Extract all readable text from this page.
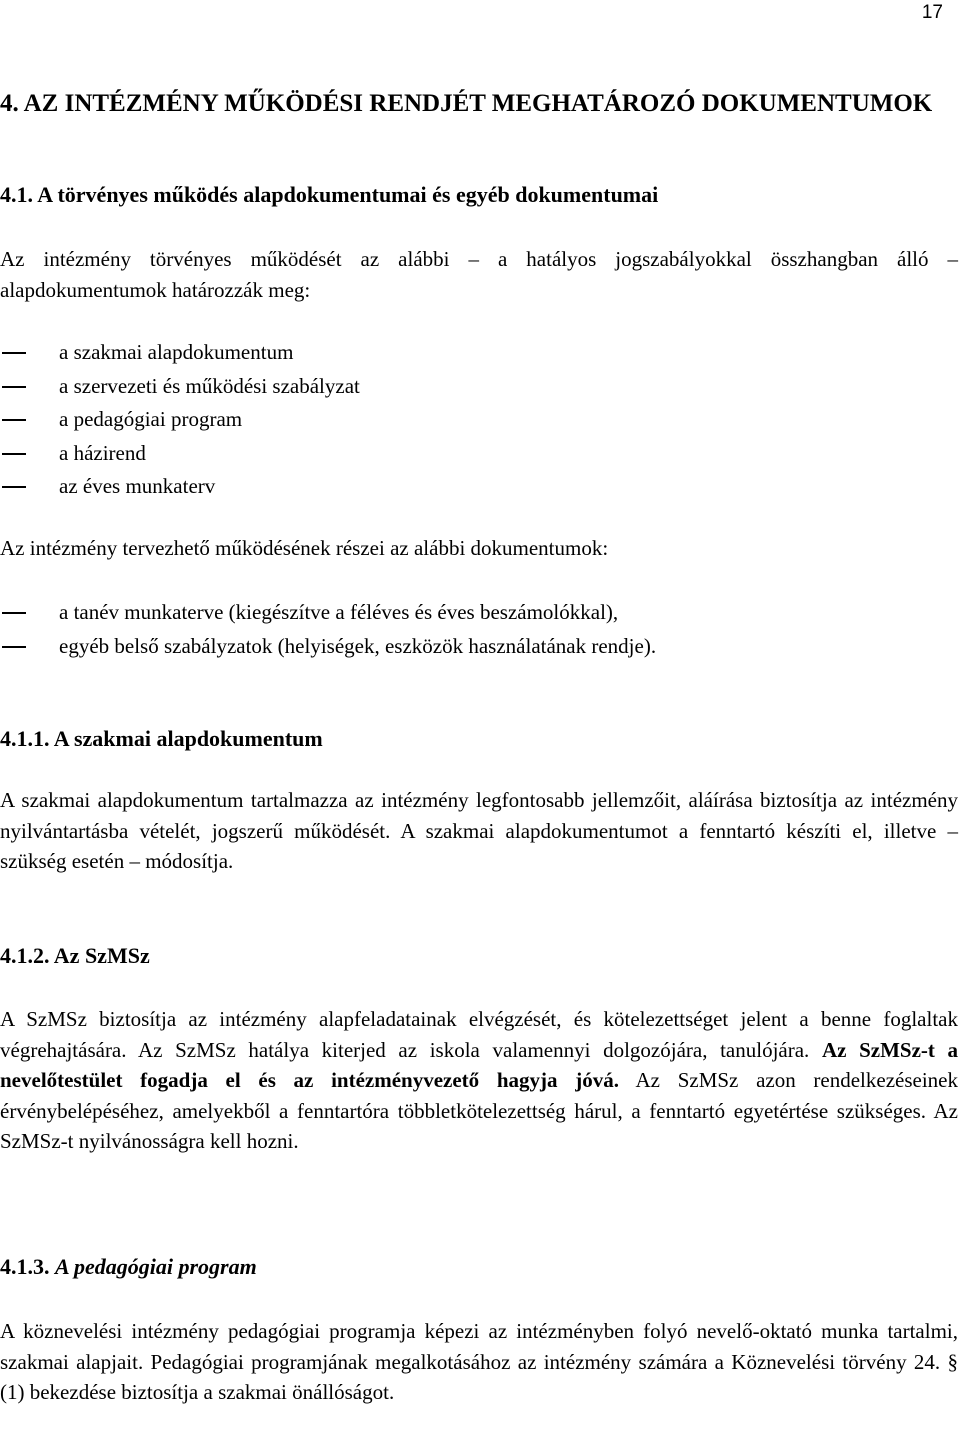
17
4. AZ INTÉZMÉNY MŰKÖDÉSI RENDJÉT MEGHATÁROZÓ DOKUMENTUMOK
4.1. A törvényes működés alapdokumentumai és egyéb dokumentumai
Az intézmény törvényes működését az alábbi – a hatályos jogszabályokkal összhangban álló – alapdokumentumok határozzák meg:
a szakmai alapdokumentum
a szervezeti és működési szabályzat
a pedagógiai program
a házirend
az éves munkaterv
Az intézmény tervezhető működésének részei az alábbi dokumentumok:
a tanév munkaterve (kiegészítve a féléves és éves beszámolókkal),
egyéb belső szabályzatok (helyiségek, eszközök használatának rendje).
4.1.1. A szakmai alapdokumentum
A szakmai alapdokumentum tartalmazza az intézmény legfontosabb jellemzőit, aláírása biztosítja az intézmény nyilvántartásba vételét, jogszerű működését. A szakmai alapdokumentumot a fenntartó készíti el, illetve – szükség esetén – módosítja.
4.1.2. Az SzMSz
A SzMSz biztosítja az intézmény alapfeladatainak elvégzését, és kötelezettséget jelent a benne foglaltak végrehajtására. Az SzMSz hatálya kiterjed az iskola valamennyi dolgozójára, tanulójára. Az SzMSz-t a nevelőtestület fogadja el és az intézményvezető hagyja jóvá. Az SzMSz azon rendelkezéseinek érvénybelépéséhez, amelyekből a fenntartóra többletkötelezettség hárul, a fenntartó egyetértése szükséges. Az SzMSz-t nyilvánosságra kell hozni.
4.1.3. A pedagógiai program
A köznevelési intézmény pedagógiai programja képezi az intézményben folyó nevelő-oktató munka tartalmi, szakmai alapjait. Pedagógiai programjának megalkotásához az intézmény számára a Köznevelési törvény 24. § (1) bekezdése biztosítja a szakmai önállóságot.
